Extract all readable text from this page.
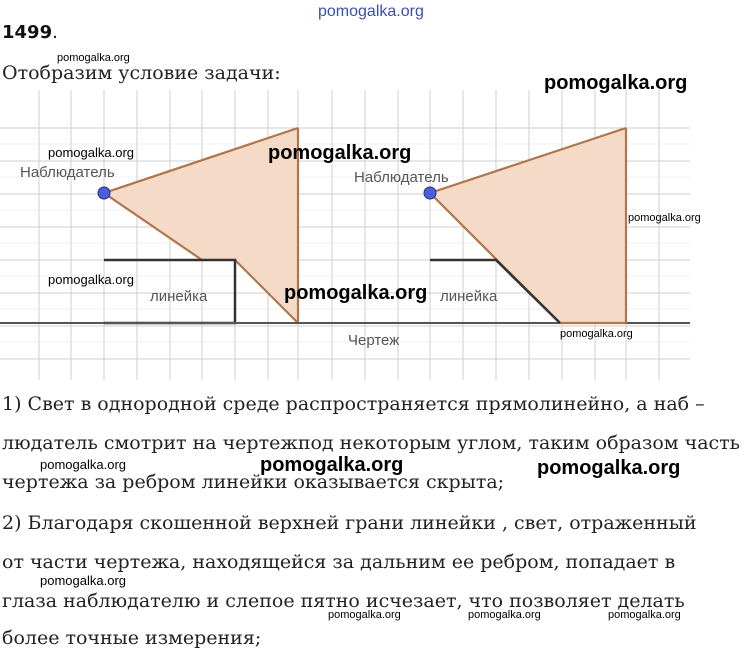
pomogalka.org
1499.
pomogalka.org
Отобразим условие задачи:	pomogalka.org
Наблюдатель	Наблюдатель
линейка	линейка
Чертеж
pomogalka.org	pomogalka.org
pomogalka.org
pomogalka.org
pomogalka.org
pomogalka.org
1) Свет в однородной среде распространяется прямолинейно, а наб –
людатель смотрит на чертежпод некоторым углом, таким образом часть
чертежа за ребром линейки оказывается скрыта;
2) Благодаря скошенной верхней грани линейки , свет, отраженный
от части чертежа, находящейся за дальним ее ребром, попадает в
глаза наблюдателю и слепое пятно исчезает, что позволяет делать
более точные измерения;
pomogalka.org	pomogalka.org	pomogalka.org
pomogalka.org
pomogalka.org	pomogalka.org	pomogalka.org
